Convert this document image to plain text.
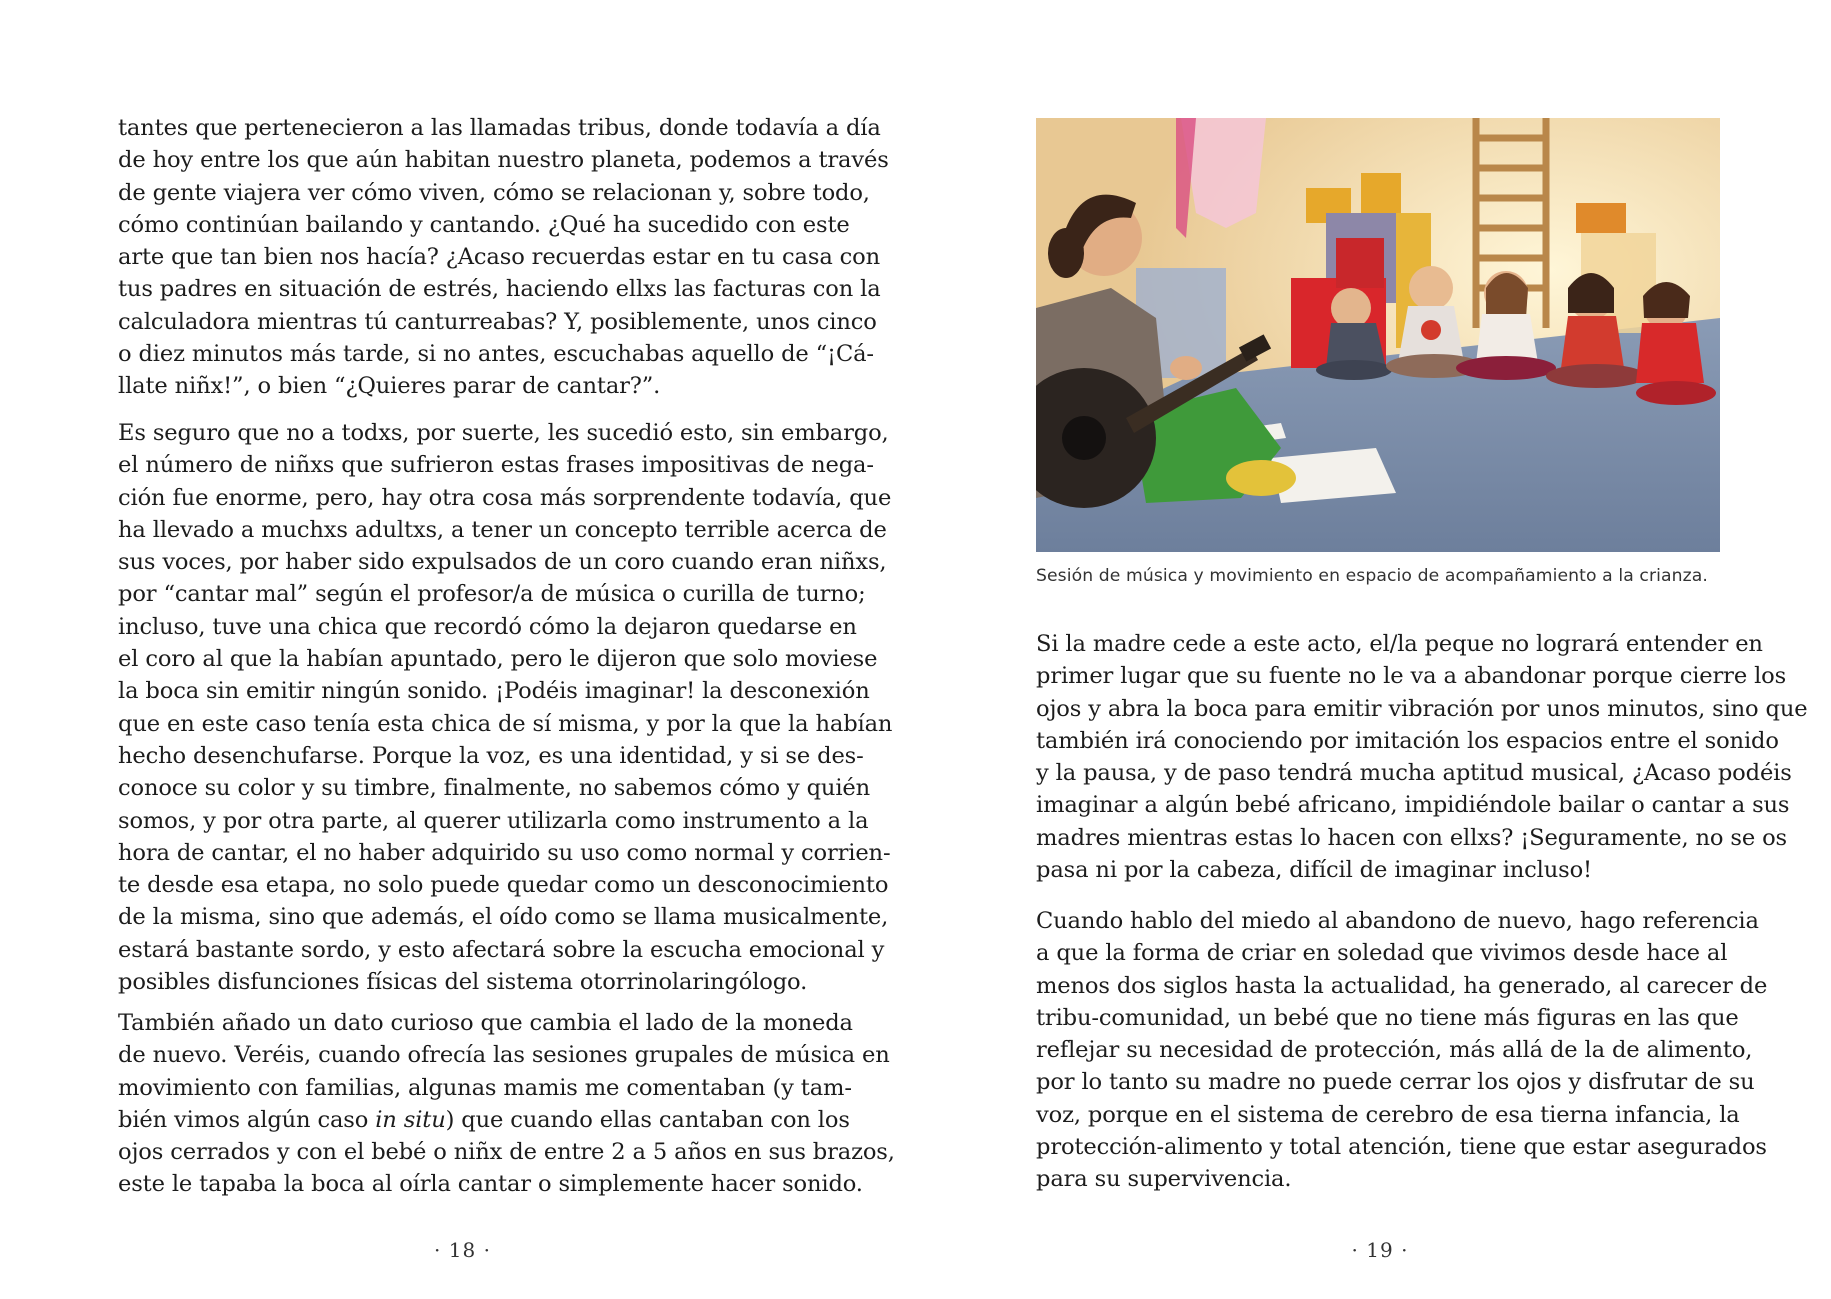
tantes que pertenecieron a las llamadas tribus, donde todavía a día
de hoy entre los que aún habitan nuestro planeta, podemos a través
de gente viajera ver cómo viven, cómo se relacionan y, sobre todo,
cómo continúan bailando y cantando. ¿Qué ha sucedido con este
arte que tan bien nos hacía? ¿Acaso recuerdas estar en tu casa con
tus padres en situación de estrés, haciendo ellxs las facturas con la
calculadora mientras tú canturreabas? Y, posiblemente, unos cinco
o diez minutos más tarde, si no antes, escuchabas aquello de “¡Cá-
llate niñx!”, o bien “¿Quieres parar de cantar?”.
Es seguro que no a todxs, por suerte, les sucedió esto, sin embargo,
el número de niñxs que sufrieron estas frases impositivas de nega-
ción fue enorme, pero, hay otra cosa más sorprendente todavía, que
ha llevado a muchxs adultxs, a tener un concepto terrible acerca de
sus voces, por haber sido expulsados de un coro cuando eran niñxs,
por “cantar mal” según el profesor/a de música o curilla de turno;
incluso, tuve una chica que recordó cómo la dejaron quedarse en
el coro al que la habían apuntado, pero le dijeron que solo moviese
la boca sin emitir ningún sonido. ¡Podéis imaginar! la desconexión
que en este caso tenía esta chica de sí misma, y por la que la habían
hecho desenchufarse. Porque la voz, es una identidad, y si se des-
conoce su color y su timbre, finalmente, no sabemos cómo y quién
somos, y por otra parte, al querer utilizarla como instrumento a la
hora de cantar, el no haber adquirido su uso como normal y corrien-
te desde esa etapa, no solo puede quedar como un desconocimiento
de la misma, sino que además, el oído como se llama musicalmente,
estará bastante sordo, y esto afectará sobre la escucha emocional y
posibles disfunciones físicas del sistema otorrinolaringólogo.
También añado un dato curioso que cambia el lado de la moneda
de nuevo. Veréis, cuando ofrecía las sesiones grupales de música en
movimiento con familias, algunas mamis me comentaban (y tam-
bién vimos algún caso in situ) que cuando ellas cantaban con los
ojos cerrados y con el bebé o niñx de entre 2 a 5 años en sus brazos,
este le tapaba la boca al oírla cantar o simplemente hacer sonido.
· 18 ·
Sesión de música y movimiento en espacio de acompañamiento a la crianza.
Si la madre cede a este acto, el/la peque no logrará entender en
primer lugar que su fuente no le va a abandonar porque cierre los
ojos y abra la boca para emitir vibración por unos minutos, sino que
también irá conociendo por imitación los espacios entre el sonido
y la pausa, y de paso tendrá mucha aptitud musical, ¿Acaso podéis
imaginar a algún bebé africano, impidiéndole bailar o cantar a sus
madres mientras estas lo hacen con ellxs? ¡Seguramente, no se os
pasa ni por la cabeza, difícil de imaginar incluso!
Cuando hablo del miedo al abandono de nuevo, hago referencia
a que la forma de criar en soledad que vivimos desde hace al
menos dos siglos hasta la actualidad, ha generado, al carecer de
tribu-comunidad, un bebé que no tiene más figuras en las que
reflejar su necesidad de protección, más allá de la de alimento,
por lo tanto su madre no puede cerrar los ojos y disfrutar de su
voz, porque en el sistema de cerebro de esa tierna infancia, la
protección-alimento y total atención, tiene que estar asegurados
para su supervivencia.
· 19 ·
